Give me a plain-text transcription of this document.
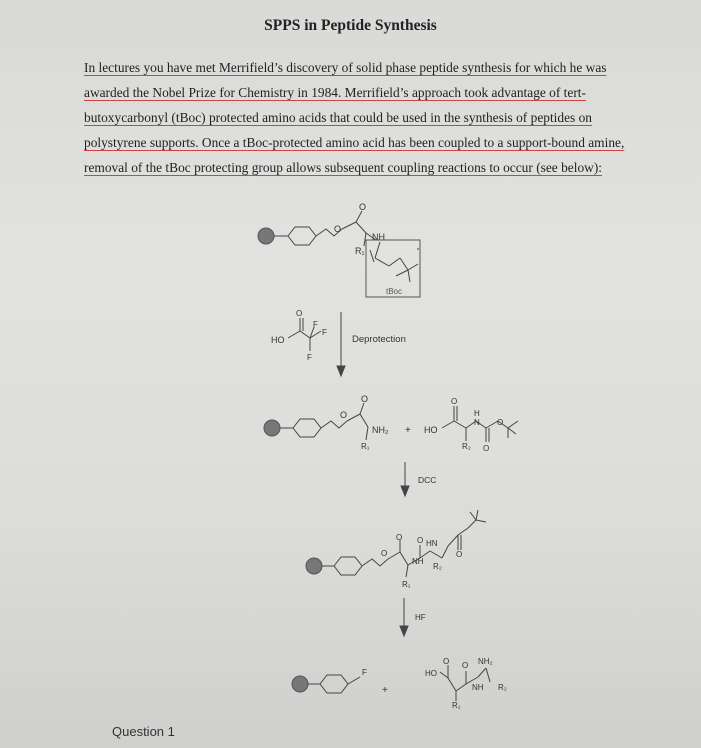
SPPS in Peptide Synthesis
In lectures you have met Merrifield’s discovery of solid phase peptide synthesis for which he was
awarded the Nobel Prize for Chemistry in 1984. Merrifield’s approach took advantage of tert-
butoxycarbonyl (tBoc) protected amino acids that could be used in the synthesis of peptides on
polystyrene supports. Once a tBoc-protected amino acid has been coupled to a support-bound amine,
removal of the tBoc protecting group allows subsequent coupling reactions to occur (see below):
NH
R₁
O
O
tBoc
HO
O
F
F
F
Deprotection
O
O
NH₂
R₁
+ HO
O
H
N
R₂ O
O
DCC
O
O O HN
NH
R₂
R₁
O
HF
F
+
HO
O O
NH
NH₂
R₂
R₁
Question 1
